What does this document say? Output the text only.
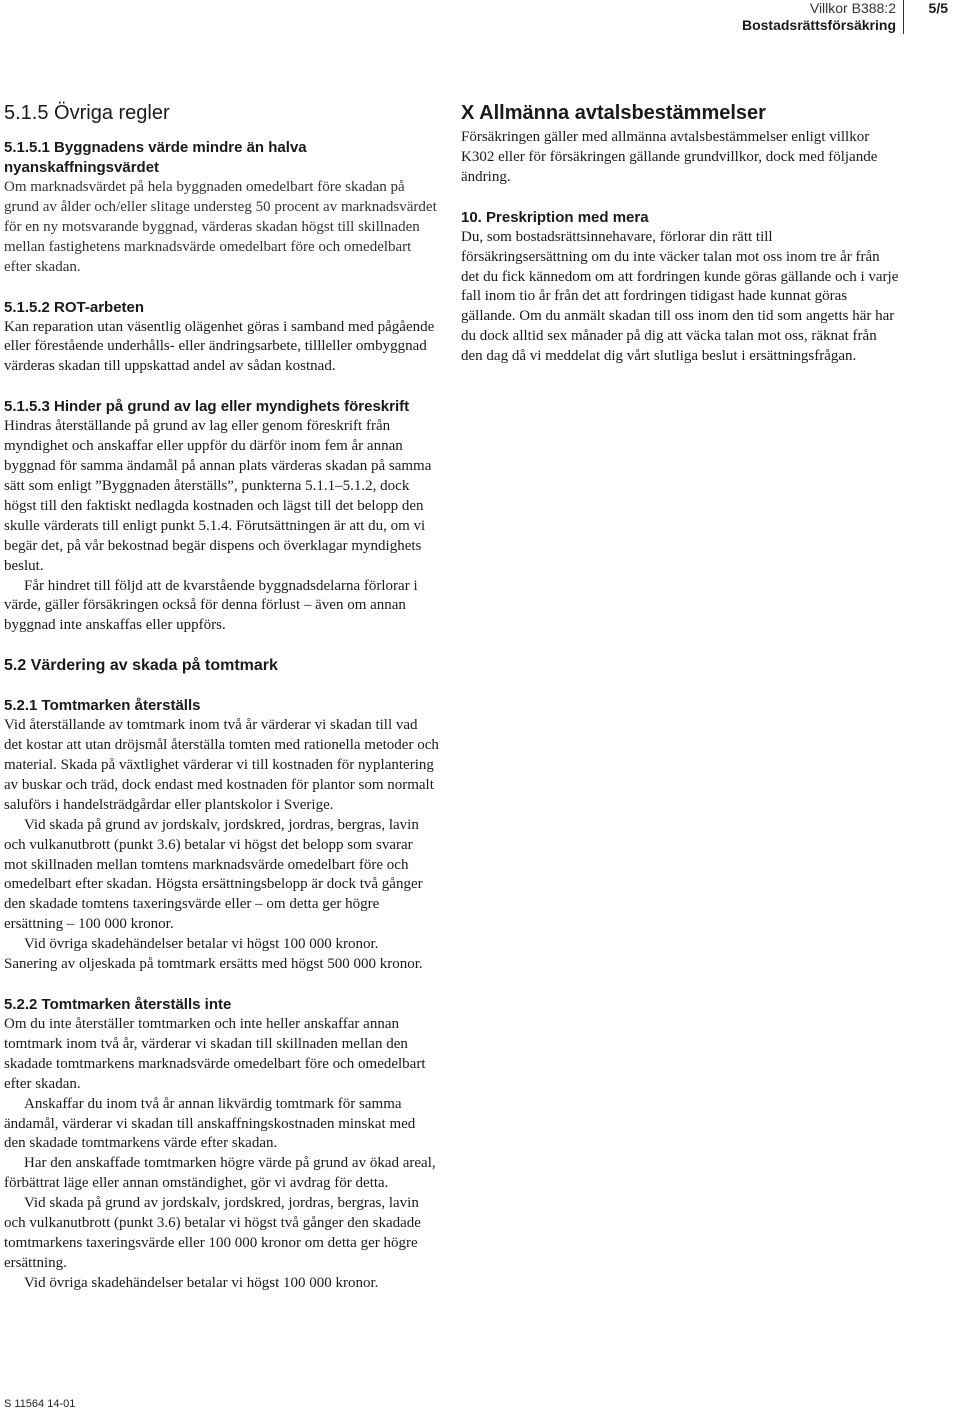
Villkor B388:2
Bostadsrättsförsäkring
5/5
5.1.5 Övriga regler
5.1.5.1 Byggnadens värde mindre än halva nyanskaffningsvärdet

Om marknadsvärdet på hela byggnaden omedelbart före skadan på grund av ålder och/eller slitage understeg 50 procent av marknadsvärdet för en ny motsvarande byggnad, värderas skadan högst till skillnaden mellan fastighetens marknadsvärde omedelbart före och omedelbart efter skadan.

5.1.5.2 ROT-arbeten

Kan reparation utan väsentlig olägenhet göras i samband med pågående eller förestående underhålls- eller ändringsarbete, tillleller ombyggnad värderas skadan till uppskattad andel av sådan kostnad.

5.1.5.3 Hinder på grund av lag eller myndighets föreskrift

Hindras återställande på grund av lag eller genom föreskrift från myndighet och anskaffar eller uppför du därför inom fem år annan byggnad för samma ändamål på annan plats värderas skadan på samma sätt som enligt ”Byggnaden återställs”, punkterna 5.1.1–5.1.2, dock högst till den faktiskt nedlagda kostnaden och lägst till det belopp den skulle värderats till enligt punkt 5.1.4. Förutsättningen är att du, om vi begär det, på vår bekostnad begär dispens och överklagar myndighets beslut.

Får hindret till följd att de kvarstående byggnadsdelarna förlorar i värde, gäller försäkringen också för denna förlust – även om annan byggnad inte anskaffas eller uppförs.

5.2 Värdering av skada på tomtmark
5.2.1 Tomtmarken återställs

Vid återställande av tomtmark inom två år värderar vi skadan till vad det kostar att utan dröjsmål återställa tomten med rationella metoder och material. Skada på växtlighet värderar vi till kostnaden för nyplantering av buskar och träd, dock endast med kostnaden för plantor som normalt saluförs i handelsträdgårdar eller plantskolor i Sverige.

Vid skada på grund av jordskalv, jordskred, jordras, bergras, lavin och vulkanutbrott (punkt 3.6) betalar vi högst det belopp som svarar mot skillnaden mellan tomtens marknadsvärde omedelbart före och omedelbart efter skadan. Högsta ersättningsbelopp är dock två gånger den skadade tomtens taxeringsvärde eller – om detta ger högre ersättning – 100 000 kronor.

Vid övriga skadehändelser betalar vi högst 100 000 kronor.

Sanering av oljeskada på tomtmark ersätts med högst 500 000 kronor.

5.2.2 Tomtmarken återställs inte

Om du inte återställer tomtmarken och inte heller anskaffar annan tomtmark inom två år, värderar vi skadan till skillnaden mellan den skadade tomtmarkens marknadsvärde omedelbart före och omedelbart efter skadan.

Anskaffar du inom två år annan likvärdig tomtmark för samma ändamål, värderar vi skadan till anskaffningskostnaden minskat med den skadade tomtmarkens värde efter skadan.

Har den anskaffade tomtmarken högre värde på grund av ökad areal, förbättrat läge eller annan omständighet, gör vi avdrag för detta.

Vid skada på grund av jordskalv, jordskred, jordras, bergras, lavin och vulkanutbrott (punkt 3.6) betalar vi högst två gånger den skadade tomtmarkens taxeringsvärde eller 100 000 kronor om detta ger högre ersättning.

Vid övriga skadehändelser betalar vi högst 100 000 kronor.

X Allmänna avtalsbestämmelser

Försäkringen gäller med allmänna avtalsbestämmelser enligt villkor K302 eller för försäkringen gällande grundvillkor, dock med följande ändring.

10. Preskription med mera

Du, som bostadsrättsinnehavare, förlorar din rätt till försäkringsersättning om du inte väcker talan mot oss inom tre år från det du fick kännedom om att fordringen kunde göras gällande och i varje fall inom tio år från det att fordringen tidigast hade kunnat göras gällande. Om du anmält skadan till oss inom den tid som angetts här har du dock alltid sex månader på dig att väcka talan mot oss, räknat från den dag då vi meddelat dig vårt slutliga beslut i ersättningsfrågan.

S 11564 14-01
